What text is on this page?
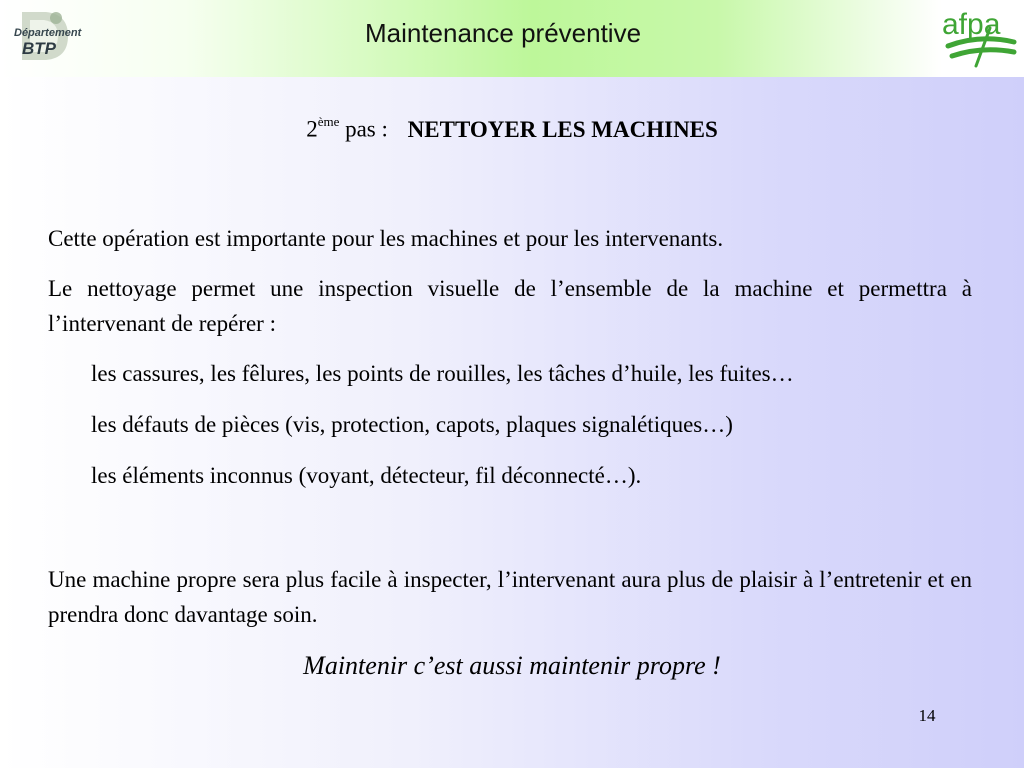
Département
BTP
Maintenance préventive	afpa
2ème pas : NETTOYER LES MACHINES

Cette opération est importante pour les machines et pour les intervenants.

Le nettoyage permet une inspection visuelle de l’ensemble de la machine et permettra à l’intervenant de repérer :

les cassures, les fêlures, les points de rouilles, les tâches d’huile, les fuites…

les défauts de pièces (vis, protection, capots, plaques signalétiques…)

les éléments inconnus (voyant, détecteur, fil déconnecté…).

Une machine propre sera plus facile à inspecter, l’intervenant aura plus de plaisir à l’entretenir et en prendra donc davantage soin.

Maintenir c’est aussi maintenir propre !
14
